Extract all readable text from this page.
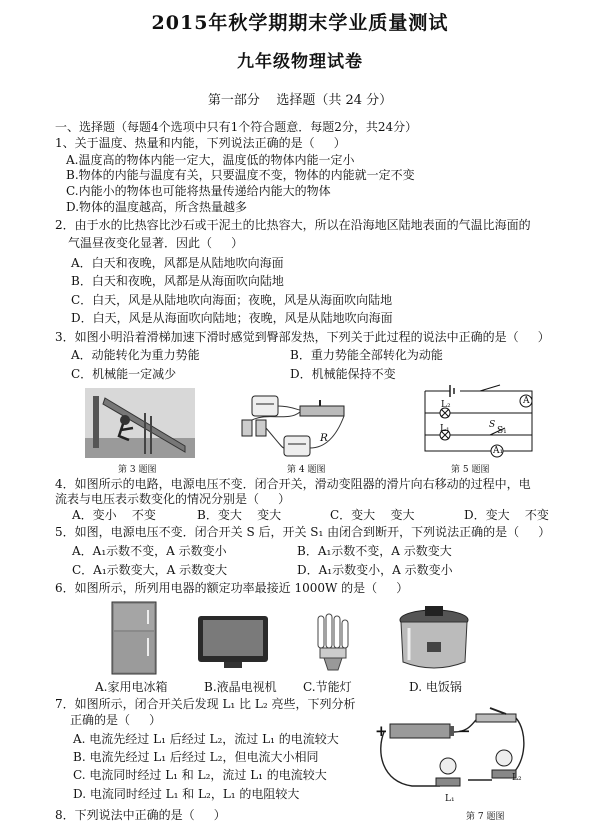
2015年秋学期期末学业质量测试
九年级物理试卷
第一部分    选择题（共 24 分）
一、选择题（每题4个选项中只有1个符合题意．每题2分，共24分）
1、关于温度、热量和内能，下列说法正确的是（     ）
A.温度高的物体内能一定大，温度低的物体内能一定小
B.物体的内能与温度有关，只要温度不变，物体的内能就一定不变
C.内能小的物体也可能将热量传递给内能大的物体
D.物体的温度越高，所含热量越多
2．由于水的比热容比沙石或干泥土的比热容大，所以在沿海地区陆地表面的气温比海面的
气温昼夜变化显著．因此（     ）
A．白天和夜晚，风都是从陆地吹向海面
B．白天和夜晚，风都是从海面吹向陆地
C．白天，风是从陆地吹向海面；夜晚，风是从海面吹向陆地
D．白天，风是从海面吹向陆地；夜晚，风是从陆地吹向海面
3．如图小明沿着滑梯加速下滑时感觉到臀部发热，下列关于此过程的说法中正确的是（     ）
A．动能转化为重力势能	B．重力势能全部转化为动能
C．机械能一定减少	D．机械能保持不变
第 3 题图
R
第 4 题图
L₂
S
L₁	S₁
A
A₁
第 5 题图
4．如图所示的电路，电源电压不变．闭合开关，滑动变阻器的滑片向右移动的过程中，电
流表与电压表示数变化的情况分别是（     ）
A．变小    不变	B．变大    变大	C．变大    变大	D．变大    不变
5．如图，电源电压不变．闭合开关 S 后，开关 S₁ 由闭合到断开，下列说法正确的是（     ）
A．A₁示数不变，A 示数变小	B．A₁示数不变，A 示数变大
C．A₁示数变大，A 示数变大	D．A₁示数变小，A 示数变小
6．如图所示，所列用电器的额定功率最接近 1000W 的是（     ）
A.家用电冰箱	B.液晶电视机 C.节能灯	D. 电饭锅
7．如图所示，闭合开关后发现 L₁ 比 L₂ 亮些，下列分析
正确的是（     ）
A. 电流先经过 L₁ 后经过 L₂，流过 L₁ 的电流较大
B. 电流先经过 L₁ 后经过 L₂，但电流大小相同
C. 电流同时经过 L₁ 和 L₂，流过 L₁ 的电流较大
D. 电流同时经过 L₁ 和 L₂，L₁ 的电阻较大
+	−
L₁
L₂
第 7 题图
8．下列说法中正确的是（     ）
